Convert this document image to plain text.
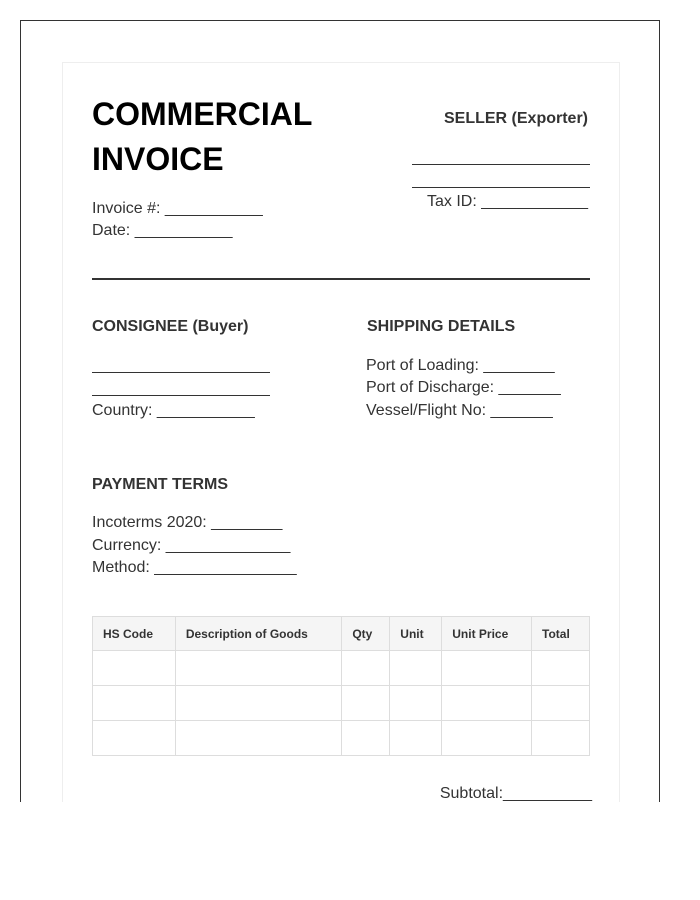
COMMERCIAL INVOICE
Invoice #: ___________
Date: ___________
SELLER (Exporter)
Tax ID: ____________
CONSIGNEE (Buyer)
Country: ___________
SHIPPING DETAILS
Port of Loading: ________
Port of Discharge: _______
Vessel/Flight No: _______
PAYMENT TERMS
Incoterms 2020: ________
Currency: ______________
Method: ________________
HS Code	Description of Goods	Qty	Unit	Unit Price	Total

Subtotal:__________
